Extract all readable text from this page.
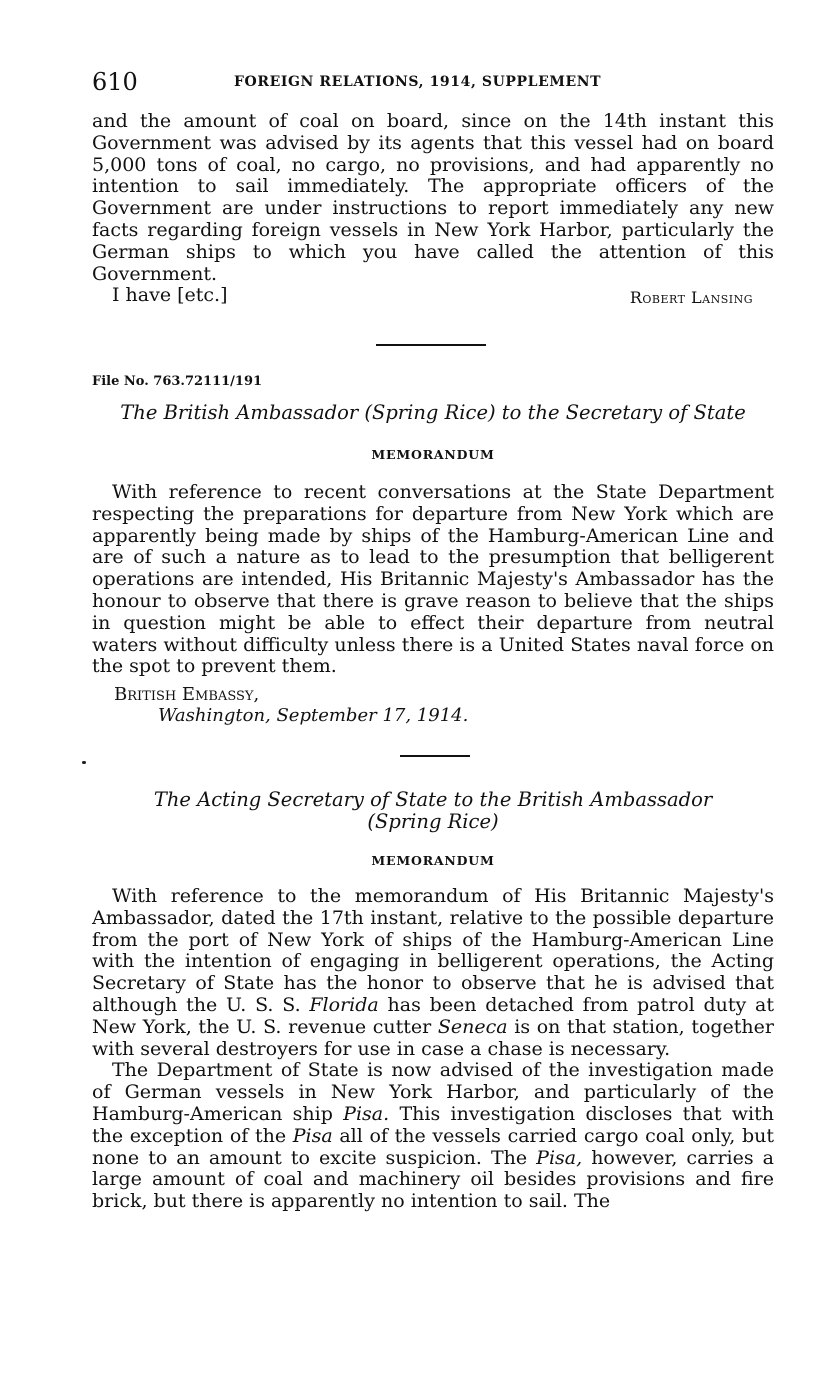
610	FOREIGN RELATIONS, 1914, SUPPLEMENT

and the amount of coal on board, since on the 14th instant this Government was advised by its agents that this vessel had on board 5,000 tons of coal, no cargo, no provisions, and had apparently no intention to sail immediately. The appropriate officers of the Government are under instructions to report immediately any new facts regarding foreign vessels in New York Harbor, particularly the German ships to which you have called the attention of this Government.

I have [etc.]	Robert Lansing
File No. 763.72111/191
The British Ambassador (Spring Rice) to the Secretary of State
MEMORANDUM

With reference to recent conversations at the State Department respecting the preparations for departure from New York which are apparently being made by ships of the Hamburg-American Line and are of such a nature as to lead to the presumption that belligerent operations are intended, His Britannic Majesty's Ambassador has the honour to observe that there is grave reason to believe that the ships in question might be able to effect their departure from neutral waters without difficulty unless there is a United States naval force on the spot to prevent them.

British Embassy,
Washington, September 17, 1914.
The Acting Secretary of State to the British Ambassador
(Spring Rice)
MEMORANDUM

With reference to the memorandum of His Britannic Majesty's Ambassador, dated the 17th instant, relative to the possible departure from the port of New York of ships of the Hamburg-American Line with the intention of engaging in belligerent operations, the Acting Secretary of State has the honor to observe that he is advised that although the U. S. S. Florida has been detached from patrol duty at New York, the U. S. revenue cutter Seneca is on that station, together with several destroyers for use in case a chase is necessary.

The Department of State is now advised of the investigation made of German vessels in New York Harbor, and particularly of the Hamburg-American ship Pisa. This investigation discloses that with the exception of the Pisa all of the vessels carried cargo coal only, but none to an amount to excite suspicion. The Pisa, however, carries a large amount of coal and machinery oil besides provisions and fire brick, but there is apparently no intention to sail. The
